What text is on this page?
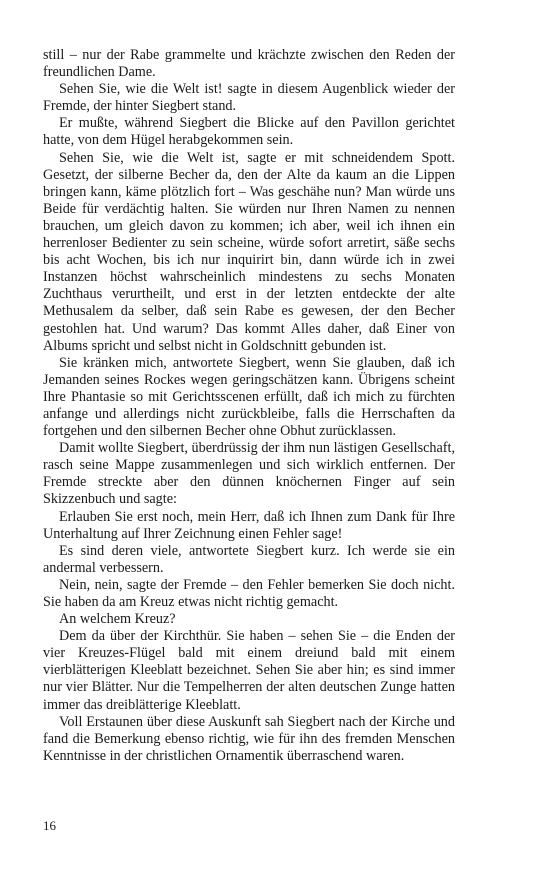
still – nur der Rabe grammelte und krächzte zwischen den Reden der freundlichen Dame.

Sehen Sie, wie die Welt ist! sagte in diesem Augenblick wieder der Fremde, der hinter Siegbert stand.

Er mußte, während Siegbert die Blicke auf den Pavillon gerichtet hatte, von dem Hügel herabgekommen sein.

Sehen Sie, wie die Welt ist, sagte er mit schneidendem Spott. Gesetzt, der silberne Becher da, den der Alte da kaum an die Lippen bringen kann, käme plötzlich fort – Was geschähe nun? Man würde uns Beide für verdächtig halten. Sie würden nur Ihren Namen zu nennen brauchen, um gleich davon zu kommen; ich aber, weil ich ihnen ein herrenloser Bedienter zu sein scheine, würde sofort arretirt, säße sechs bis acht Wochen, bis ich nur inquirirt bin, dann würde ich in zwei Instanzen höchst wahrscheinlich mindestens zu sechs Monaten Zuchthaus verurtheilt, und erst in der letzten entdeckte der alte Methusalem da selber, daß sein Rabe es gewesen, der den Becher gestohlen hat. Und warum? Das kommt Alles daher, daß Einer von Albums spricht und selbst nicht in Goldschnitt gebunden ist.

Sie kränken mich, antwortete Siegbert, wenn Sie glauben, daß ich Jemanden seines Rockes wegen geringschätzen kann. Übrigens scheint Ihre Phantasie so mit Gerichtsscenen erfüllt, daß ich mich zu fürchten anfange und allerdings nicht zurückbleibe, falls die Herrschaften da fortgehen und den silbernen Becher ohne Obhut zurücklassen.

Damit wollte Siegbert, überdrüssig der ihm nun lästigen Gesellschaft, rasch seine Mappe zusammenlegen und sich wirklich entfernen. Der Fremde streckte aber den dünnen knöchernen Finger auf sein Skizzenbuch und sagte:

Erlauben Sie erst noch, mein Herr, daß ich Ihnen zum Dank für Ihre Unterhaltung auf Ihrer Zeichnung einen Fehler sage!

Es sind deren viele, antwortete Siegbert kurz. Ich werde sie ein andermal verbessern.

Nein, nein, sagte der Fremde – den Fehler bemerken Sie doch nicht. Sie haben da am Kreuz etwas nicht richtig gemacht.

An welchem Kreuz?

Dem da über der Kirchthür. Sie haben – sehen Sie – die Enden der vier Kreuzes-Flügel bald mit einem dreiund bald mit einem vierblätterigen Kleeblatt bezeichnet. Sehen Sie aber hin; es sind immer nur vier Blätter. Nur die Tempelherren der alten deutschen Zunge hatten immer das dreiblätterige Kleeblatt.

Voll Erstaunen über diese Auskunft sah Siegbert nach der Kirche und fand die Bemerkung ebenso richtig, wie für ihn des fremden Menschen Kenntnisse in der christlichen Ornamentik überraschend waren.

16
